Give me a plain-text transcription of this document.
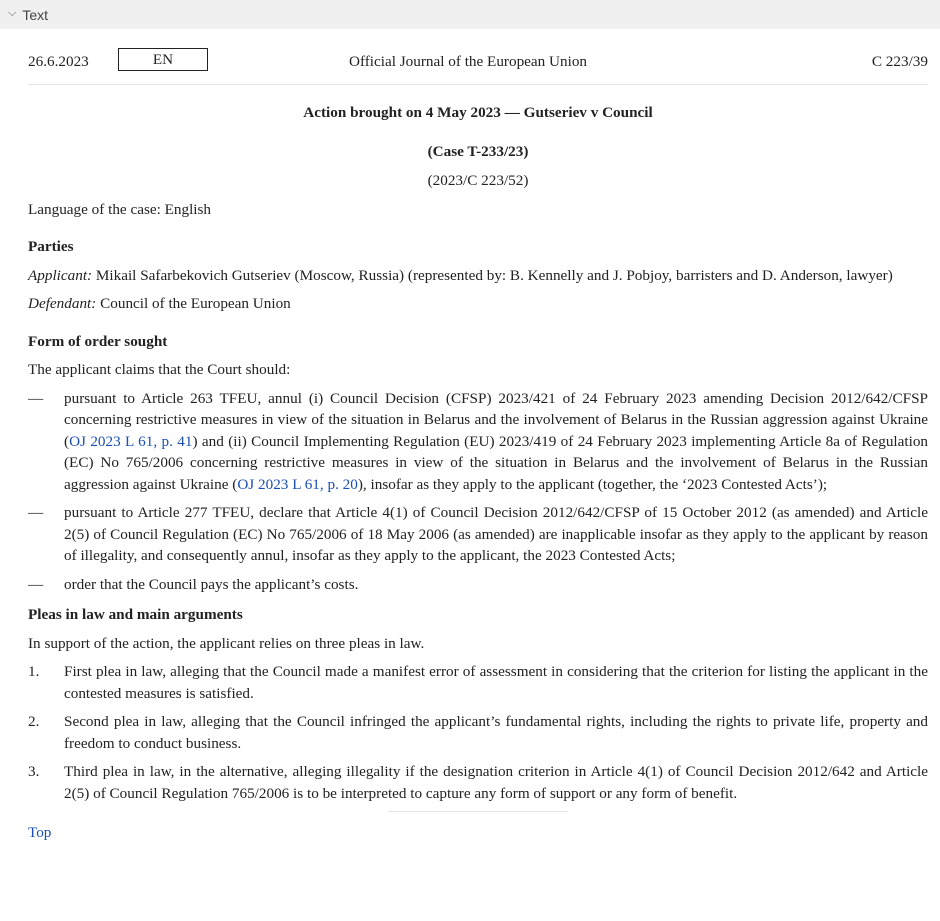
⌵ Text
26.6.2023	EN	Official Journal of the European Union	C 223/39

Action brought on 4 May 2023 — Gutseriev v Council

(Case T-233/23)

(2023/C 223/52)

Language of the case: English

Parties

Applicant: Mikail Safarbekovich Gutseriev (Moscow, Russia) (represented by: B. Kennelly and J. Pobjoy, barristers and D. Anderson, lawyer)

Defendant: Council of the European Union

Form of order sought

The applicant claims that the Court should:

—	pursuant to Article 263 TFEU, annul (i) Council Decision (CFSP) 2023/421 of 24 February 2023 amending Decision 2012/642/CFSP concerning restrictive measures in view of the situation in Belarus and the involvement of Belarus in the Russian aggression against Ukraine (OJ 2023 L 61, p. 41) and (ii) Council Implementing Regulation (EU) 2023/419 of 24 February 2023 implementing Article 8a of Regulation (EC) No 765/2006 concerning restrictive measures in view of the situation in Belarus and the involvement of Belarus in the Russian aggression against Ukraine (OJ 2023 L 61, p. 20), insofar as they apply to the applicant (together, the ‘2023 Contested Acts’);
—	pursuant to Article 277 TFEU, declare that Article 4(1) of Council Decision 2012/642/CFSP of 15 October 2012 (as amended) and Article 2(5) of Council Regulation (EC) No 765/2006 of 18 May 2006 (as amended) are inapplicable insofar as they apply to the applicant by reason of illegality, and consequently annul, insofar as they apply to the applicant, the 2023 Contested Acts;
—	order that the Council pays the applicant’s costs.

Pleas in law and main arguments

In support of the action, the applicant relies on three pleas in law.

1.	First plea in law, alleging that the Council made a manifest error of assessment in considering that the criterion for listing the applicant in the contested measures is satisfied.
2.	Second plea in law, alleging that the Council infringed the applicant’s fundamental rights, including the rights to private life, property and freedom to conduct business.
3.	Third plea in law, in the alternative, alleging illegality if the designation criterion in Article 4(1) of Council Decision 2012/642 and Article 2(5) of Council Regulation 765/2006 is to be interpreted to capture any form of support or any form of benefit.
Top
